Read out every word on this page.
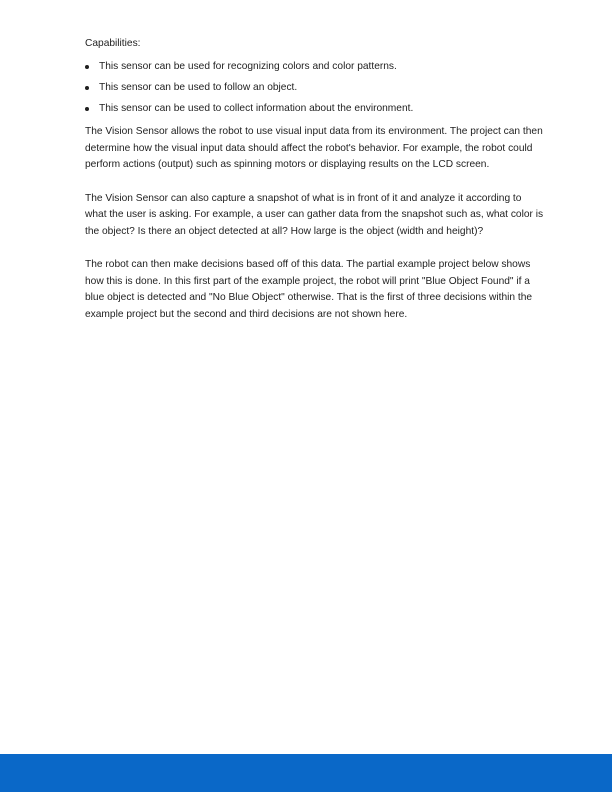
Capabilities:
This sensor can be used for recognizing colors and color patterns.
This sensor can be used to follow an object.
This sensor can be used to collect information about the environment.

The Vision Sensor allows the robot to use visual input data from its environment. The project can then determine how the visual input data should affect the robot's behavior. For example, the robot could perform actions (output) such as spinning motors or displaying results on the LCD screen.

The Vision Sensor can also capture a snapshot of what is in front of it and analyze it according to what the user is asking. For example, a user can gather data from the snapshot such as, what color is the object? Is there an object detected at all? How large is the object (width and height)?

The robot can then make decisions based off of this data. The partial example project below shows how this is done. In this first part of the example project, the robot will print "Blue Object Found" if a blue object is detected and "No Blue Object" otherwise. That is the first of three decisions within the example project but the second and third decisions are not shown here.
